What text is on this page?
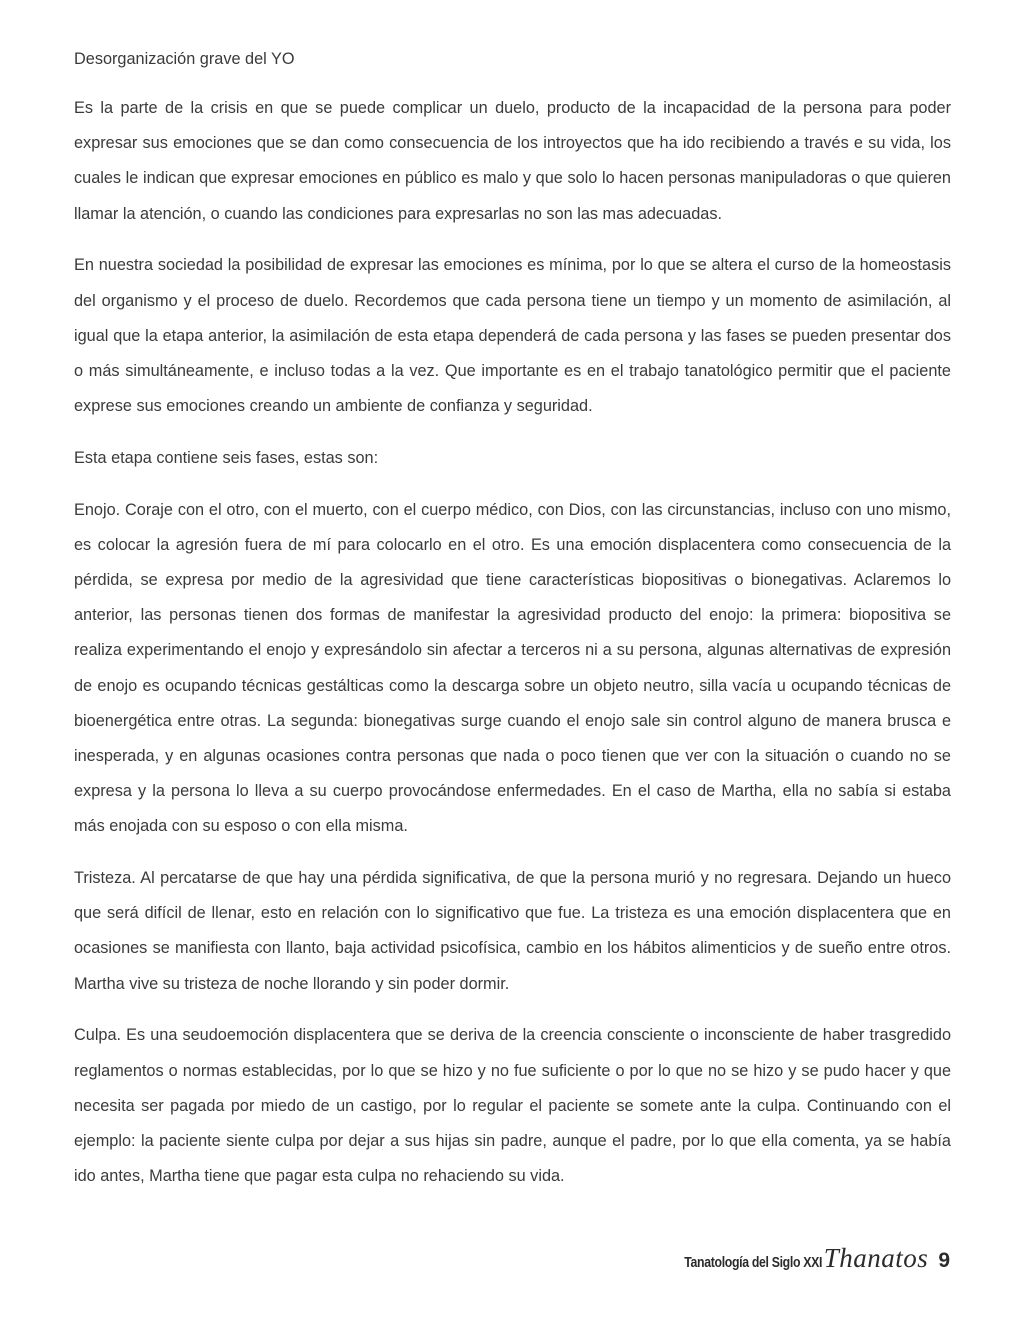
Desorganización grave del YO

Es la parte de la crisis en que se puede complicar un duelo, producto de la incapacidad de la persona para poder expresar sus emociones que se dan como consecuencia de los introyectos que ha ido recibiendo a través e su vida, los cuales le indican que expresar emociones en público es malo y que solo lo hacen personas manipuladoras o que quieren llamar la atención, o cuando las condiciones para expresarlas no son las mas adecuadas.

En nuestra sociedad la posibilidad de expresar las emociones es mínima, por lo que se altera el curso de la homeostasis del organismo y el proceso de duelo. Recordemos que cada persona tiene un tiempo y un momento de asimilación, al igual que la etapa anterior, la asimilación de esta etapa dependerá de cada persona y las fases se pueden presentar dos o más simultáneamente, e incluso todas a la vez. Que importante es en el trabajo tanatológico permitir que el paciente exprese sus emociones creando un ambiente de confianza y seguridad.

Esta etapa contiene seis fases, estas son:

Enojo. Coraje con el otro, con el muerto, con el cuerpo médico, con Dios, con las circunstancias, incluso con uno mismo, es colocar la agresión fuera de mí para colocarlo en el otro. Es una emoción displacentera como consecuencia de la pérdida, se expresa por medio de la agresividad que tiene características biopositivas o bionegativas. Aclaremos lo anterior, las personas tienen dos formas de manifestar la agresividad producto del enojo: la primera: biopositiva se realiza experimentando el enojo y expresándolo sin afectar a terceros ni a su persona, algunas alternativas de expresión de enojo es ocupando técnicas gestálticas como la descarga sobre un objeto neutro, silla vacía u ocupando técnicas de bioenergética entre otras. La segunda: bionegativas surge cuando el enojo sale sin control alguno de manera brusca e inesperada, y en algunas ocasiones contra personas que nada o poco tienen que ver con la situación o cuando no se expresa y la persona lo lleva a su cuerpo provocándose enfermedades. En el caso de Martha, ella no sabía si estaba más enojada con su esposo o con ella misma.

Tristeza. Al percatarse de que hay una pérdida significativa, de que la persona murió y no regresara. Dejando un hueco que será difícil de llenar, esto en relación con lo significativo que fue. La tristeza es una emoción displacentera que en ocasiones se manifiesta con llanto, baja actividad psicofísica, cambio en los hábitos alimenticios y de sueño entre otros. Martha vive su tristeza de noche llorando y sin poder dormir.

Culpa. Es una seudoemoción displacentera que se deriva de la creencia consciente o inconsciente de haber trasgredido reglamentos o normas establecidas, por lo que se hizo y no fue suficiente o por lo que no se hizo y se pudo hacer y que necesita ser pagada por miedo de un castigo, por lo regular el paciente se somete ante la culpa. Continuando con el ejemplo: la paciente siente culpa por dejar a sus hijas sin padre, aunque el padre, por lo que ella comenta, ya se había ido antes, Martha tiene que pagar esta culpa no rehaciendo su vida.

Tanatología del Siglo XXI Thanatos 9
